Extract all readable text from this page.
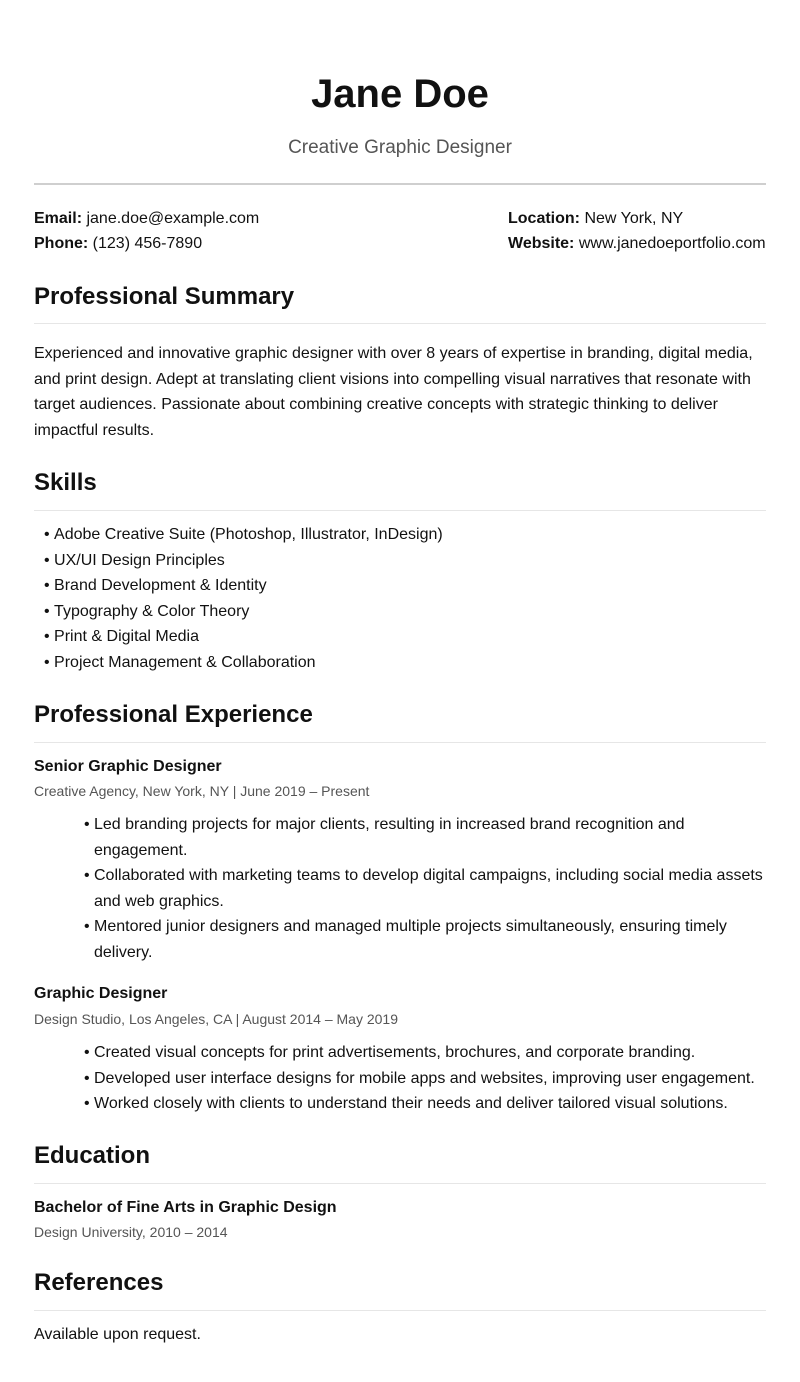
Jane Doe
Creative Graphic Designer
Email: jane.doe@example.com
Phone: (123) 456-7890
Location: New York, NY
Website: www.janedoeportfolio.com
Professional Summary
Experienced and innovative graphic designer with over 8 years of expertise in branding, digital media, and print design. Adept at translating client visions into compelling visual narratives that resonate with target audiences. Passionate about combining creative concepts with strategic thinking to deliver impactful results.
Skills
• Adobe Creative Suite (Photoshop, Illustrator, InDesign)
• UX/UI Design Principles
• Brand Development & Identity
• Typography & Color Theory
• Print & Digital Media
• Project Management & Collaboration
Professional Experience
Senior Graphic Designer
Creative Agency, New York, NY | June 2019 – Present
• Led branding projects for major clients, resulting in increased brand recognition and engagement.
• Collaborated with marketing teams to develop digital campaigns, including social media assets and web graphics.
• Mentored junior designers and managed multiple projects simultaneously, ensuring timely delivery.
Graphic Designer
Design Studio, Los Angeles, CA | August 2014 – May 2019
• Created visual concepts for print advertisements, brochures, and corporate branding.
• Developed user interface designs for mobile apps and websites, improving user engagement.
• Worked closely with clients to understand their needs and deliver tailored visual solutions.
Education
Bachelor of Fine Arts in Graphic Design
Design University, 2010 – 2014
References
Available upon request.
